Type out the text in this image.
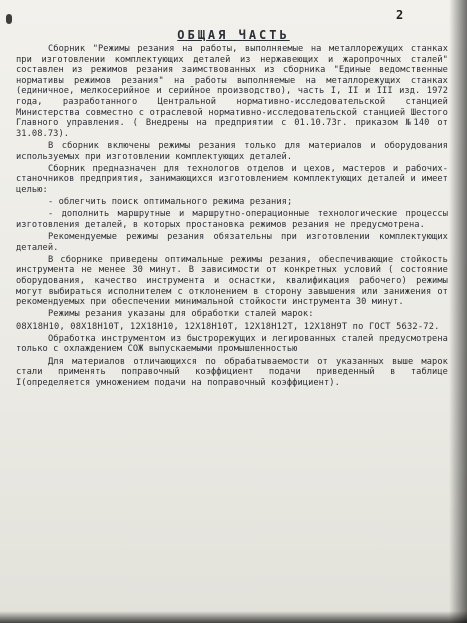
2
ОБЩАЯ ЧАСТЬ

Сборник "Режимы резания на работы, выполняемые на металлорежущих станках при изготовлении комплектующих деталей из нержавеющих и жаропрочных сталей" составлен из режимов резания заимствованных из сборника "Единые ведомственные нормативы режимов резания" на работы выполняемые на металлорежущих станках (единичное, мелкосерийное и серийное производство), часть I, II и III изд. 1972 года, разработанного Центральной нормативно-исследовательской станцией Министерства совместно с отраслевой нормативно-исследовательской станцией Шестого Главного управления. ( Внедрены на предприятии с 01.10.73г. приказом №140 от 31.08.73).

В сборник включены режимы резания только для материалов и оборудования используемых при изготовлении комплектующих деталей.

Сборник предназначен для технологов отделов и цехов, мастеров и рабочих-станочников предприятия, занимающихся изготовлением комплектующих деталей и имеет целью:

- облегчить поиск оптимального режима резания;

- дополнить маршрутные и маршрутно-операционные технологические процессы изготовления деталей, в которых простановка режимов резания не предусмотрена.

Рекомендуемые режимы резания обязательны при изготовлении комплектующих деталей.

В сборнике приведены оптимальные режимы резания, обеспечивающие стойкость инструмента не менее 30 минут. В зависимости от конкретных условий ( состояние оборудования, качество инструмента и оснастки, квалификация рабочего) режимы могут выбираться исполнителем с отклонением в сторону завышения или занижения от рекомендуемых при обеспечении минимальной стойкости инструмента 30 минут.

Режимы резания указаны для обработки сталей марок:

08Х18Н10, 08Х18Н10Т, 12Х18Н10, 12Х18Н10Т, 12Х18Н12Т, 12Х18Н9Т по ГОСТ 5632-72.

Обработка инструментом из быстрорежущих и легированных сталей предусмотрена только с охлаждением СОЖ выпускаемыми промышленностью

Для материалов отличающихся по обрабатываемости от указанных выше марок стали применять поправочный коэффициент подачи приведенный в таблице I(определяется умножением подачи на поправочный коэффициент).
